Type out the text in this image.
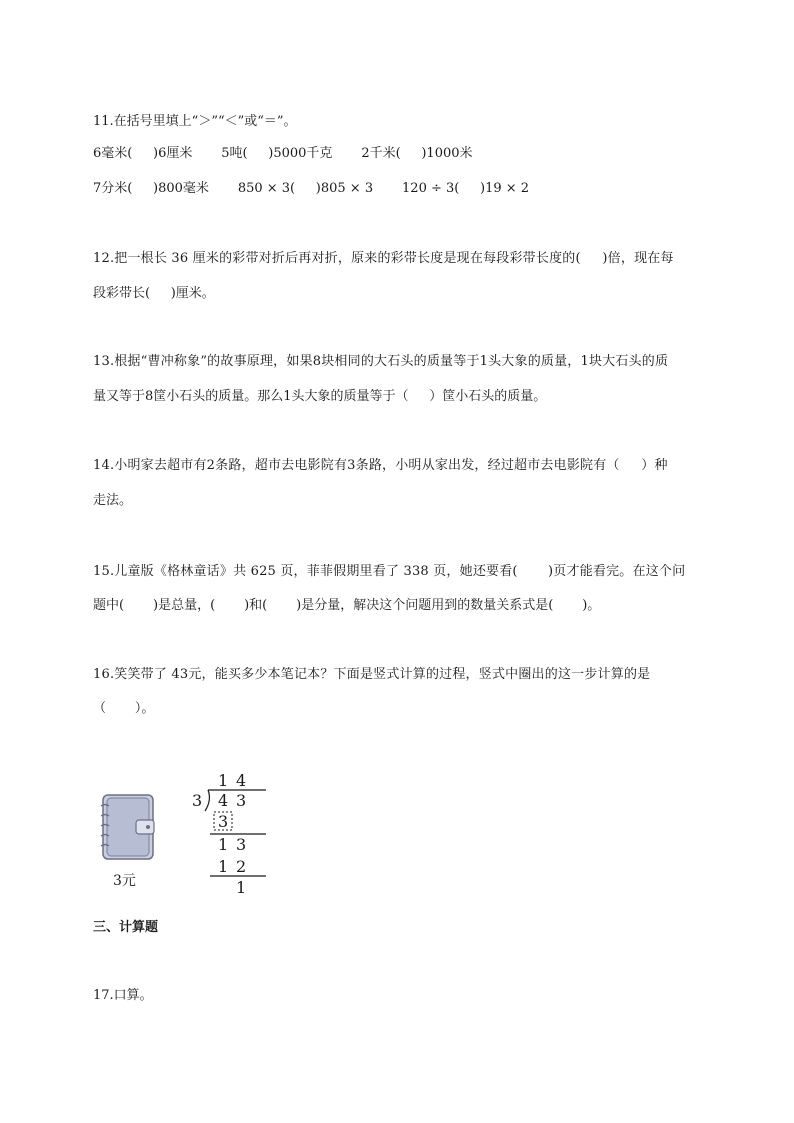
11.在括号里填上“＞”“＜”或“＝”。
6毫米(     )6厘米       5吨(     )5000千克       2千米(     )1000米
7分米(     )800毫米       850 × 3(     )805 × 3       120 ÷ 3(     )19 × 2
12.把一根长 36 厘米的彩带对折后再对折，原来的彩带长度是现在每段彩带长度的(     )倍，现在每
段彩带长(     )厘米。
13.根据“曹冲称象”的故事原理，如果8块相同的大石头的质量等于1头大象的质量，1块大石头的质
量又等于8筐小石头的质量。那么1头大象的质量等于（     ）筐小石头的质量。
14.小明家去超市有2条路，超市去电影院有3条路，小明从家出发，经过超市去电影院有（     ）种
走法。
15.儿童版《格林童话》共 625 页，菲菲假期里看了 338 页，她还要看(       )页才能看完。在这个问
题中(       )是总量，(       )和(       )是分量，解决这个问题用到的数量关系式是(       )。
16.笑笑带了 43元，能买多少本笔记本？下面是竖式计算的过程，竖式中圈出的这一步计算的是
（       ）。
3元
1 4
3 4 3
3
1 3
1 2
1
三、计算题
17.口算。
